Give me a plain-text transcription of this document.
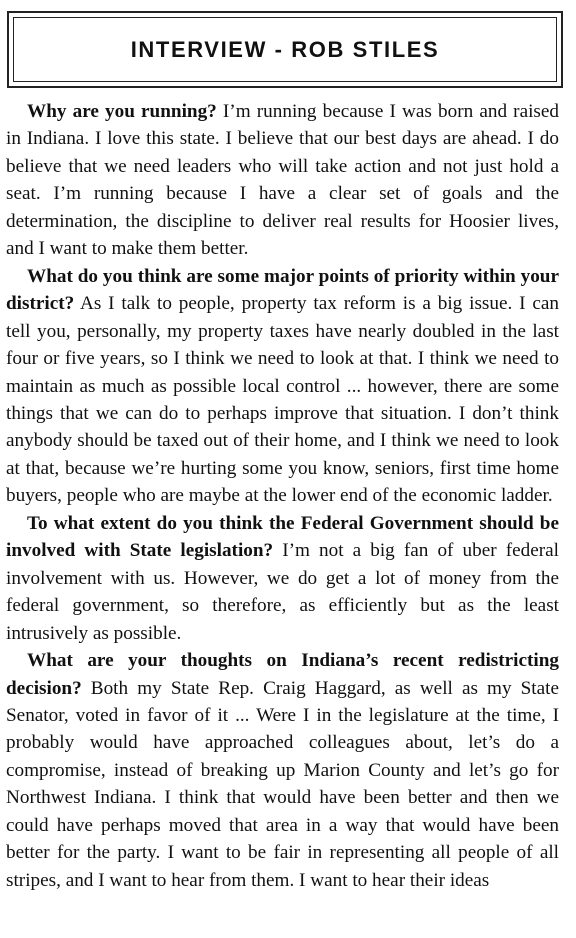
INTERVIEW - ROB STILES

Why are you running? I’m running because I was born and raised in Indiana. I love this state. I believe that our best days are ahead. I do believe that we need leaders who will take action and not just hold a seat. I’m running because I have a clear set of goals and the determination, the discipline to deliver real results for Hoosier lives, and I want to make them better.

What do you think are some major points of priority within your district? As I talk to people, property tax reform is a big issue. I can tell you, personally, my property taxes have nearly doubled in the last four or five years, so I think we need to look at that. I think we need to maintain as much as possible local control ... however, there are some things that we can do to perhaps improve that situation. I don’t think anybody should be taxed out of their home, and I think we need to look at that, because we’re hurting some you know, seniors, first time home buyers, people who are maybe at the lower end of the economic ladder.

To what extent do you think the Federal Government should be involved with State legislation? I’m not a big fan of uber federal involvement with us. However, we do get a lot of money from the federal government, so therefore, as efficiently but as the least intrusively as possible.

What are your thoughts on Indiana’s recent redistricting decision? Both my State Rep. Craig Haggard, as well as my State Senator, voted in favor of it ... Were I in the legislature at the time, I probably would have approached colleagues about, let’s do a compromise, instead of breaking up Marion County and let’s go for Northwest Indiana. I think that would have been better and then we could have perhaps moved that area in a way that would have been better for the party. I want to be fair in representing all people of all stripes, and I want to hear from them. I want to hear their ideas
